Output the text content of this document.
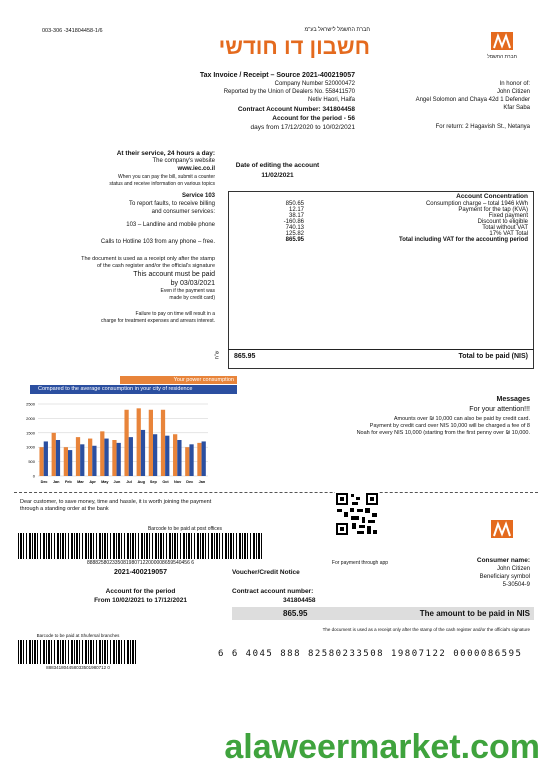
003-306 -341804458-1/6	חברת החשמל לישראל בע"מ
חשבון דו חודשי	חברת החשמל
Tax Invoice / Receipt – Source 2021-400219057
Company Number 520000472
Reported by the Union of Dealers No. 558411570
Netiv Haori, Haifa
Contract Account Number: 341804458
Account for the period - 56
days from 17/12/2020 to 10/02/2021
In honor of:
John Citizen
Angel Solomon and Chaya 42d 1 Defender
Kfar Saba
For return: 2 Hagavish St., Netanya
At their service, 24 hours a day:
The company's website
www.iec.co.il
When you can pay the bill, submit a counter
status and receive information on various topics
Service 103
To report faults, to receive billing
and consumer services:
103 – Landline and mobile phone
Calls to Hotline 103 from any phone – free.
The document is used as a receipt only after the stamp
of the cash register and/or the official's signature
This account must be paid
by 03/03/2021
Even if the payment was
made by credit card)
Failure to pay on time will result in a
charge for treatment expenses and arrears interest.
Date of editing the account
11/02/2021
Account Concentration
850.65	Consumption charge – total 1946 kWh
12.17	Payment for the tap (KVA)
38.17	Fixed payment
-160.86	Discount to eligible
740.13	Total without VAT
125.82	17% VAT Total
865.95	Total including VAT for the accounting period
ש"ח 865.95	Total to be paid (NIS)
Your power consumption
Compared to the average consumption in your city of residence
2500
2000
1500
1000
500
0
Dec Jan Feb Mar Apr May Jun Jul Aug Sep Oct Nov Dec Jan
Messages
For your attention!!!
Amounts over ₪ 10,000 can also be paid by credit card.
Payment by credit card over NIS 10,000 will be charged a fee of 8
Noah for every NIS 10,000 (starting from the first penny over ₪ 10,000.
Dear customer, to save money, time and hassle, it is worth joining the payment
through a standing order at the bank
Barcode to be paid at post offices
8888258023350819807122000008659540456 6
2021-400219057
For payment through app	Consumer name:
John Citizen
Beneficiary symbol
5-30504-9
Voucher/Credit Notice
Account for the period
From 10/02/2021 to 17/12/2021
Contract account number:
341804458
865.95	The amount to be paid in NIS
The document is used as a receipt only after the stamp of the cash register and/or the official's signature
Barcode to be paid at Shufersal branches
888341804458033501980712 0
6 6 4045 888 82580233508 19807122 0000086595
alaweermarket.com
